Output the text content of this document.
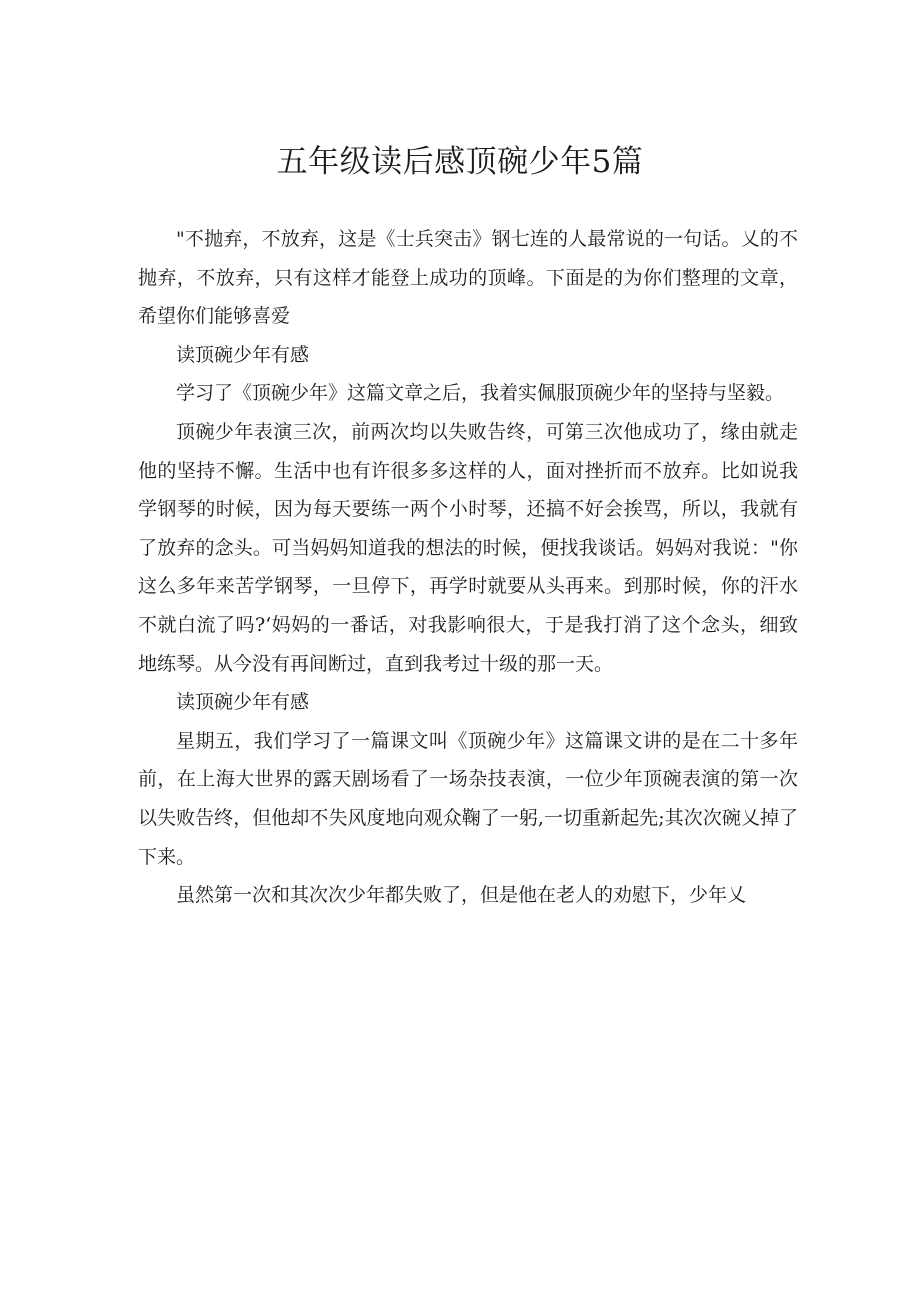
五年级读后感顶碗少年5篇

"不抛弃，不放弃，这是《士兵突击》钢七连的人最常说的一句话。乂的不抛弃，不放弃，只有这样才能登上成功的顶峰。下面是的为你们整理的文章，希望你们能够喜爱

读顶碗少年有感

学习了《顶碗少年》这篇文章之后，我着实佩服顶碗少年的坚持与坚毅。

顶碗少年表演三次，前两次均以失败告终，可第三次他成功了，缘由就走他的坚持不懈。生活中也有许很多多这样的人，面对挫折而不放弃。比如说我学钢琴的时候，因为每天要练一两个小时琴，还搞不好会挨骂，所以，我就有了放弃的念头。可当妈妈知道我的想法的时候，便找我谈话。妈妈对我说："你这么多年来苦学钢琴，一旦停下，再学时就要从头再来。到那时候，你的汗水不就白流了吗?‘妈妈的一番话，对我影响很大，于是我打消了这个念头，细致地练琴。从今没有再间断过，直到我考过十级的那一天。

读顶碗少年有感

星期五，我们学习了一篇课文叫《顶碗少年》这篇课文讲的是在二十多年前，在上海大世界的露天剧场看了一场杂技表演，一位少年顶碗表演的第一次以失败告终，但他却不失风度地向观众鞠了一躬,一切重新起先;其次次碗乂掉了下来。

虽然第一次和其次次少年都失败了，但是他在老人的劝慰下，少年乂
